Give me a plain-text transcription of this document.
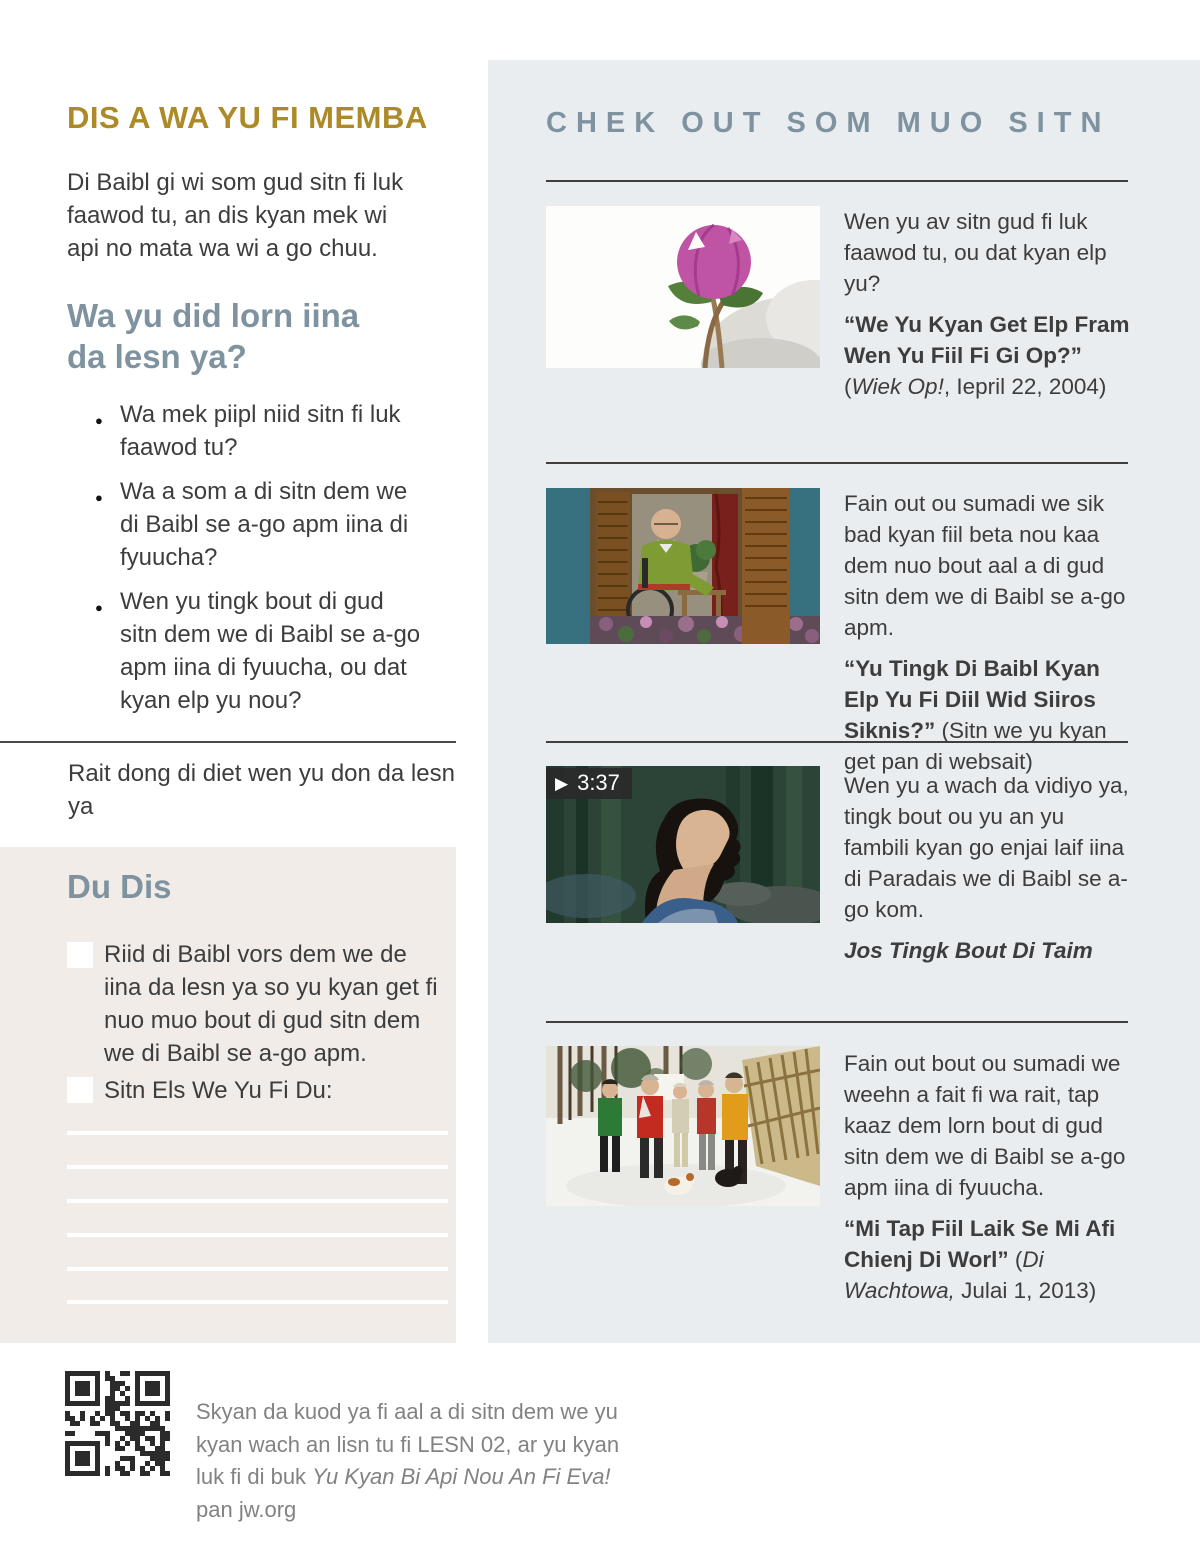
DIS A WA YU FI MEMBA
Di Baibl gi wi som gud sitn fi luk faawod tu, an dis kyan mek wi api no mata wa wi a go chuu.
Wa yu did lorn iina da lesn ya?
● Wa mek piipl niid sitn fi luk faawod tu?
● Wa a som a di sitn dem we di Baibl se a-go apm iina di fyuucha?
● Wen yu tingk bout di gud sitn dem we di Baibl se a-go apm iina di fyuucha, ou dat kyan elp yu nou?
Rait dong di diet wen yu don da lesn ya
Du Dis
Riid di Baibl vors dem we de iina da lesn ya so yu kyan get fi nuo muo bout di gud sitn dem we di Baibl se a-go apm.
Sitn Els We Yu Fi Du:
CHEK OUT SOM MUO SITN

Wen yu av sitn gud fi luk faawod tu, ou dat kyan elp yu?

“We Yu Kyan Get Elp Fram Wen Yu Fiil Fi Gi Op?” (Wiek Op!, Iepril 22, 2004)

Fain out ou sumadi we sik bad kyan fiil beta nou kaa dem nuo bout aal a di gud sitn dem we di Baibl se a-go apm.

“Yu Tingk Di Baibl Kyan Elp Yu Fi Diil Wid Siiros Siknis?” (Sitn we yu kyan get pan di websait)

▶ 3:37	Wen yu a wach da vidiyo ya, tingk bout ou yu an yu fambili kyan go enjai laif iina di Paradais we di Baibl se a-go kom.

Jos Tingk Bout Di Taim

Fain out bout ou sumadi we weehn a fait fi wa rait, tap kaaz dem lorn bout di gud sitn dem we di Baibl se a-go apm iina di fyuucha.

“Mi Tap Fiil Laik Se Mi Afi Chienj Di Worl” (Di Wachtowa, Julai 1, 2013)

Skyan da kuod ya fi aal a di sitn dem we yu kyan wach an lisn tu fi LESN 02, ar yu kyan luk fi di buk Yu Kyan Bi Api Nou An Fi Eva! pan jw.org
